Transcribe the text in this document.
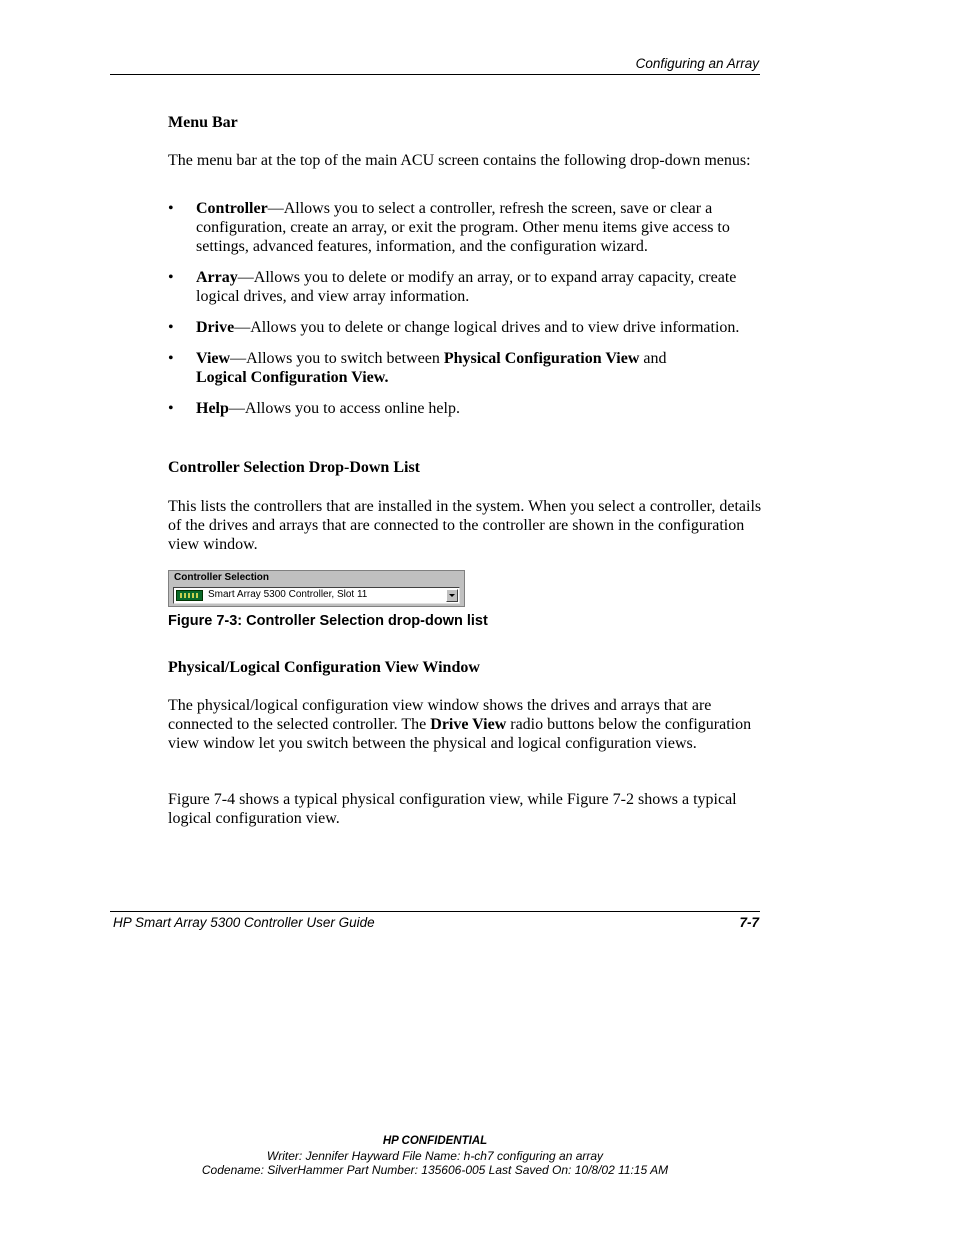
Configuring an Array
Menu Bar
The menu bar at the top of the main ACU screen contains the following drop-down menus:
• Controller—Allows you to select a controller, refresh the screen, save or clear a configuration, create an array, or exit the program. Other menu items give access to settings, advanced features, information, and the configuration wizard.
• Array—Allows you to delete or modify an array, or to expand array capacity, create logical drives, and view array information.
• Drive—Allows you to delete or change logical drives and to view drive information.
• View—Allows you to switch between Physical Configuration View and
Logical Configuration View.
• Help—Allows you to access online help.
Controller Selection Drop-Down List
This lists the controllers that are installed in the system. When you select a controller, details of the drives and arrays that are connected to the controller are shown in the configuration view window.
Controller Selection
Smart Array 5300 Controller, Slot 11
Figure 7-3: Controller Selection drop-down list
Physical/Logical Configuration View Window
The physical/logical configuration view window shows the drives and arrays that are connected to the selected controller. The Drive View radio buttons below the configuration view window let you switch between the physical and logical configuration views.
Figure 7-4 shows a typical physical configuration view, while Figure 7-2 shows a typical logical configuration view.
HP Smart Array 5300 Controller User Guide	7-7
HP CONFIDENTIAL
Writer: Jennifer Hayward File Name: h-ch7 configuring an array
Codename: SilverHammer Part Number: 135606-005 Last Saved On: 10/8/02 11:15 AM
